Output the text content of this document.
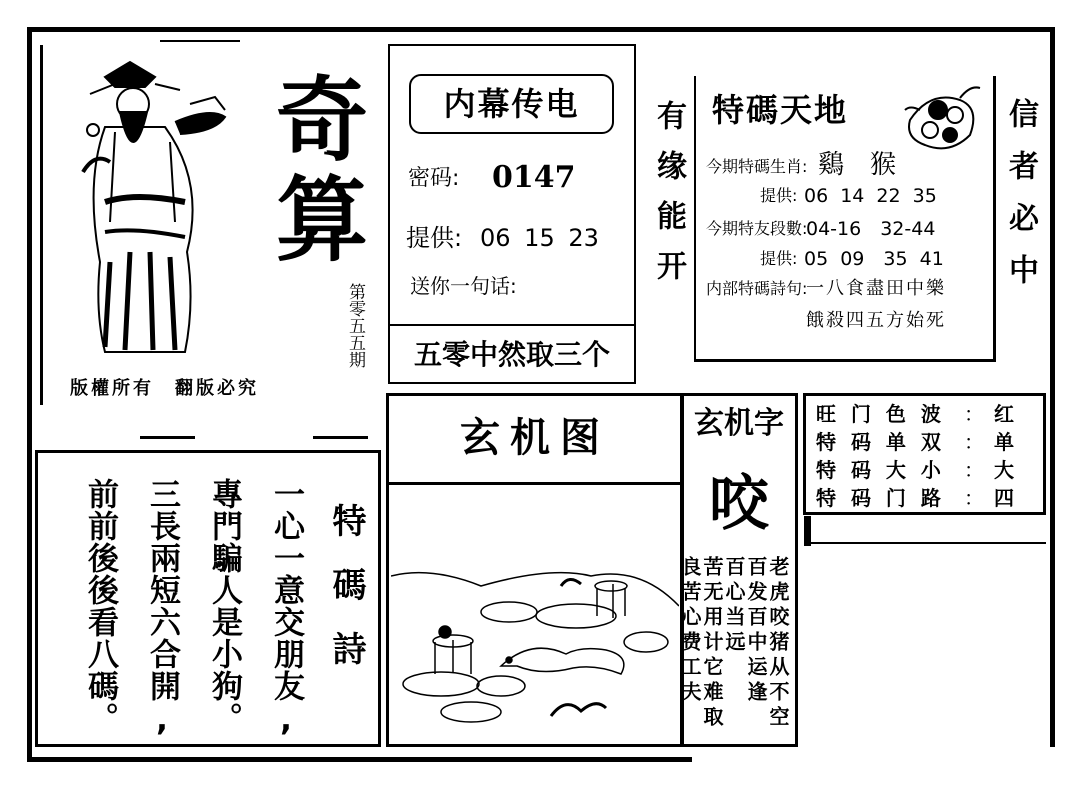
奇
算
第零五五期
版權所有　翻版必究
内幕传电
密码: 0147
提供: 06 15 23
送你一句话:
五零中然取三个
有缘能开 特碼天地
今期特碼生肖: 鷄　猴
提供: 06 14 22 35
今期特友段數:
04-16　32-44
提供: 05 09　35 41
内部特碼詩句:
一八食盡田中樂
餓殺四五方始死
信者必中
旺 门 色 波 ： 红
特 码 单 双 ： 单
特 码 大 小 ： 大
特 码 门 路 ： 四
特碼詩
一心一意交朋友,
專門騙人是小狗。
三長兩短六合開,
前前後後看八碼。
玄机图	玄机字
咬
老虎咬猪从不空
百发百中运逢
百心当远
苦无用计它难取
良苦心费工夫
